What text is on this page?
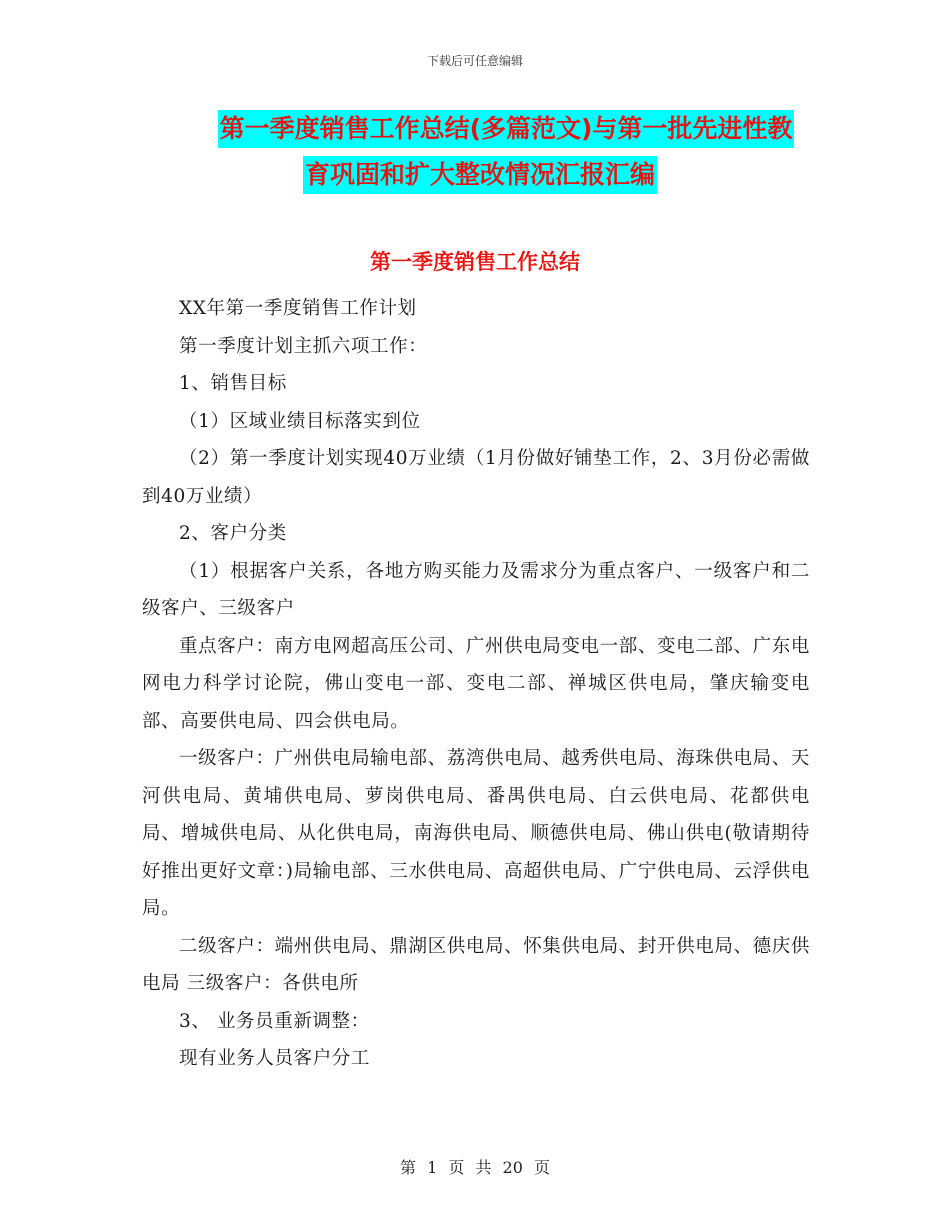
下载后可任意编辑
第一季度销售工作总结(多篇范文)与第一批先进性教
育巩固和扩大整改情况汇报汇编
第一季度销售工作总结

XX年第一季度销售工作计划

第一季度计划主抓六项工作：

1、销售目标

（1）区域业绩目标落实到位

（2）第一季度计划实现40万业绩（1月份做好铺垫工作，2、3月份必需做到40万业绩）

2、客户分类

（1）根据客户关系，各地方购买能力及需求分为重点客户、一级客户和二级客户、三级客户

重点客户：南方电网超高压公司、广州供电局变电一部、变电二部、广东电网电力科学讨论院，佛山变电一部、变电二部、禅城区供电局，肇庆输变电部、高要供电局、四会供电局。

一级客户：广州供电局输电部、荔湾供电局、越秀供电局、海珠供电局、天河供电局、黄埔供电局、萝岗供电局、番禺供电局、白云供电局、花都供电局、增城供电局、从化供电局，南海供电局、顺德供电局、佛山供电(敬请期待好推出更好文章：)局输电部、三水供电局、高超供电局、广宁供电局、云浮供电局。

二级客户：端州供电局、鼎湖区供电局、怀集供电局、封开供电局、德庆供电局 三级客户：各供电所

3、 业务员重新调整：

现有业务人员客户分工

第 1 页 共 20 页
